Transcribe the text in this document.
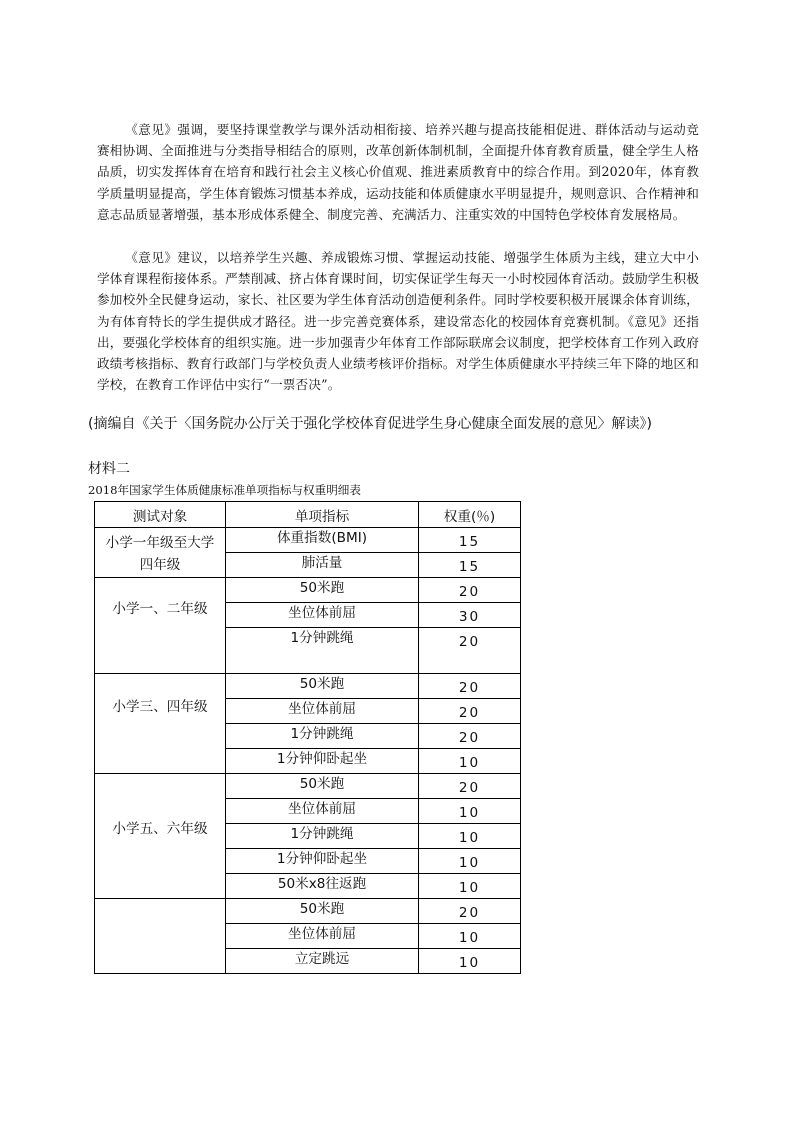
《意见》强调，要坚持课堂教学与课外活动相衔接、培养兴趣与提高技能相促进、群体活动与运动竞赛相协调、全面推进与分类指导相结合的原则，改革创新体制机制，全面提升体育教育质量，健全学生人格品质，切实发挥体育在培育和践行社会主义核心价值观、推进素质教育中的综合作用。到2020年，体育教学质量明显提高，学生体育锻炼习惯基本养成，运动技能和体质健康水平明显提升，规则意识、合作精神和意志品质显著增强，基本形成体系健全、制度完善、充满活力、注重实效的中国特色学校体育发展格局。

《意见》建议，以培养学生兴趣、养成锻炼习惯、掌握运动技能、增强学生体质为主线，建立大中小学体育课程衔接体系。严禁削减、挤占体育课时间，切实保证学生每天一小时校园体育活动。鼓励学生积极参加校外全民健身运动，家长、社区要为学生体育活动创造便利条件。同时学校要积极开展课余体育训练，为有体育特长的学生提供成才路径。进一步完善竞赛体系，建设常态化的校园体育竞赛机制。《意见》还指出，要强化学校体育的组织实施。进一步加强青少年体育工作部际联席会议制度，把学校体育工作列入政府政绩考核指标、教育行政部门与学校负责人业绩考核评价指标。对学生体质健康水平持续三年下降的地区和学校，在教育工作评估中实行“一票否决”。

(摘编自《关于〈国务院办公厅关于强化学校体育促进学生身心健康全面发展的意见〉解读》)

材料二

2018年国家学生体质健康标准单项指标与权重明细表

测试对象	单项指标	权重(％)
小学一年级至大学四年级	体重指数(BMI)	15
	肺活量	15
小学一、二年级	50米跑	20
	坐位体前屈	30
	1分钟跳绳	20
小学三、四年级	50米跑	20
	坐位体前屈	20
	1分钟跳绳	20
	1分钟仰卧起坐	10
小学五、六年级	50米跑	20
	坐位体前屈	10
	1分钟跳绳	10
	1分钟仰卧起坐	10
	50米x8往返跑	10
	50米跑	20
	坐位体前屈	10
	立定跳远	10
